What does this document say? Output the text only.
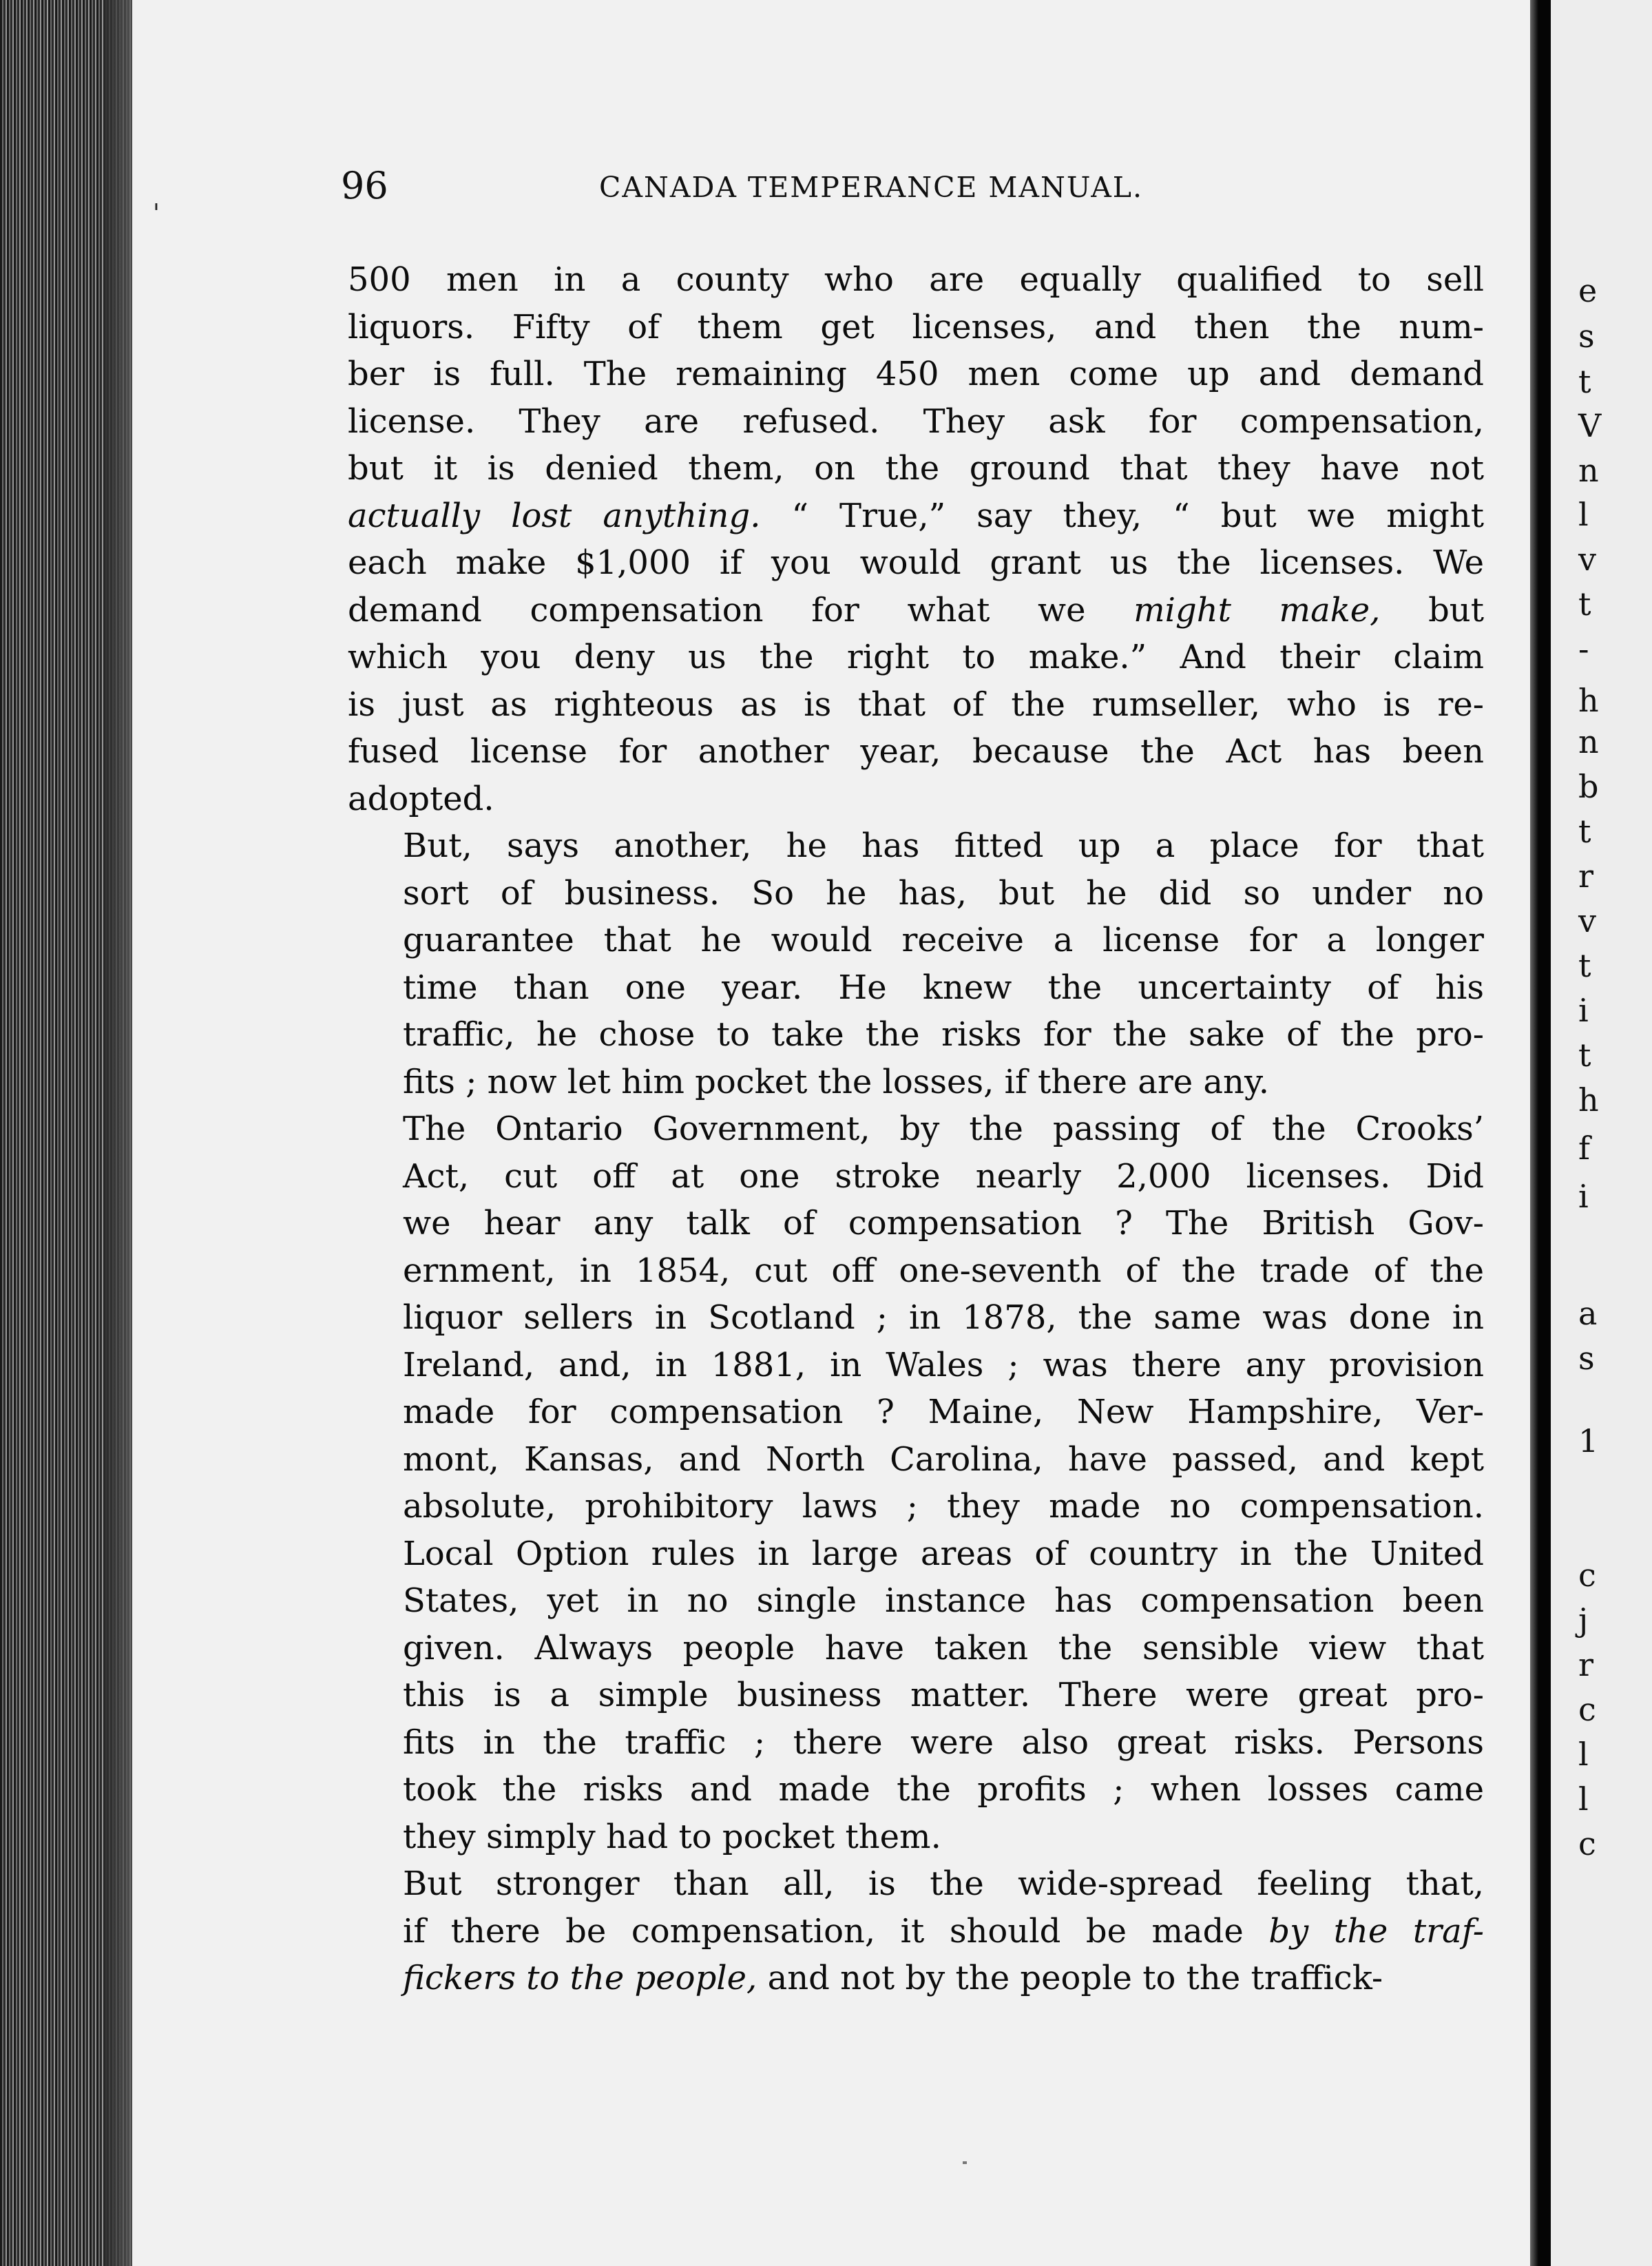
'
96	CANADA TEMPERANCE MANUAL.
500 men in a county who are equally qualified to sell
liquors. Fifty of them get licenses, and then the num-
ber is full. The remaining 450 men come up and demand
license. They are refused. They ask for compensation,
but it is denied them, on the ground that they have not
actually lost anything. “ True,” say they, “ but we might
each make $1,000 if you would grant us the licenses. We
demand compensation for what we might make, but
which you deny us the right to make.” And their claim
is just as righteous as is that of the rumseller, who is re-
fused license for another year, because the Act has been
adopted.
But, says another, he has fitted up a place for that
sort of business. So he has, but he did so under no
guarantee that he would receive a license for a longer
time than one year. He knew the uncertainty of his
traffic, he chose to take the risks for the sake of the pro-
fits ; now let him pocket the losses, if there are any.
The Ontario Government, by the passing of the Crooks’
Act, cut off at one stroke nearly 2,000 licenses. Did
we hear any talk of compensation ? The British Gov-
ernment, in 1854, cut off one-seventh of the trade of the
liquor sellers in Scotland ; in 1878, the same was done in
Ireland, and, in 1881, in Wales ; was there any provision
made for compensation ? Maine, New Hampshire, Ver-
mont, Kansas, and North Carolina, have passed, and kept
absolute, prohibitory laws ; they made no compensation.
Local Option rules in large areas of country in the United
States, yet in no single instance has compensation been
given. Always people have taken the sensible view that
this is a simple business matter. There were great pro-
fits in the traffic ; there were also great risks. Persons
took the risks and made the profits ; when losses came
they simply had to pocket them.
But stronger than all, is the wide-spread feeling that,
if there be compensation, it should be made by the traf-
fickers to the people, and not by the people to the traffick-
e
s
t
V
n
l
v
t
-
h
n
b
t
r
v
t
i
t
h
f
i
a
s
1
c
j
r
c
l
l
c
